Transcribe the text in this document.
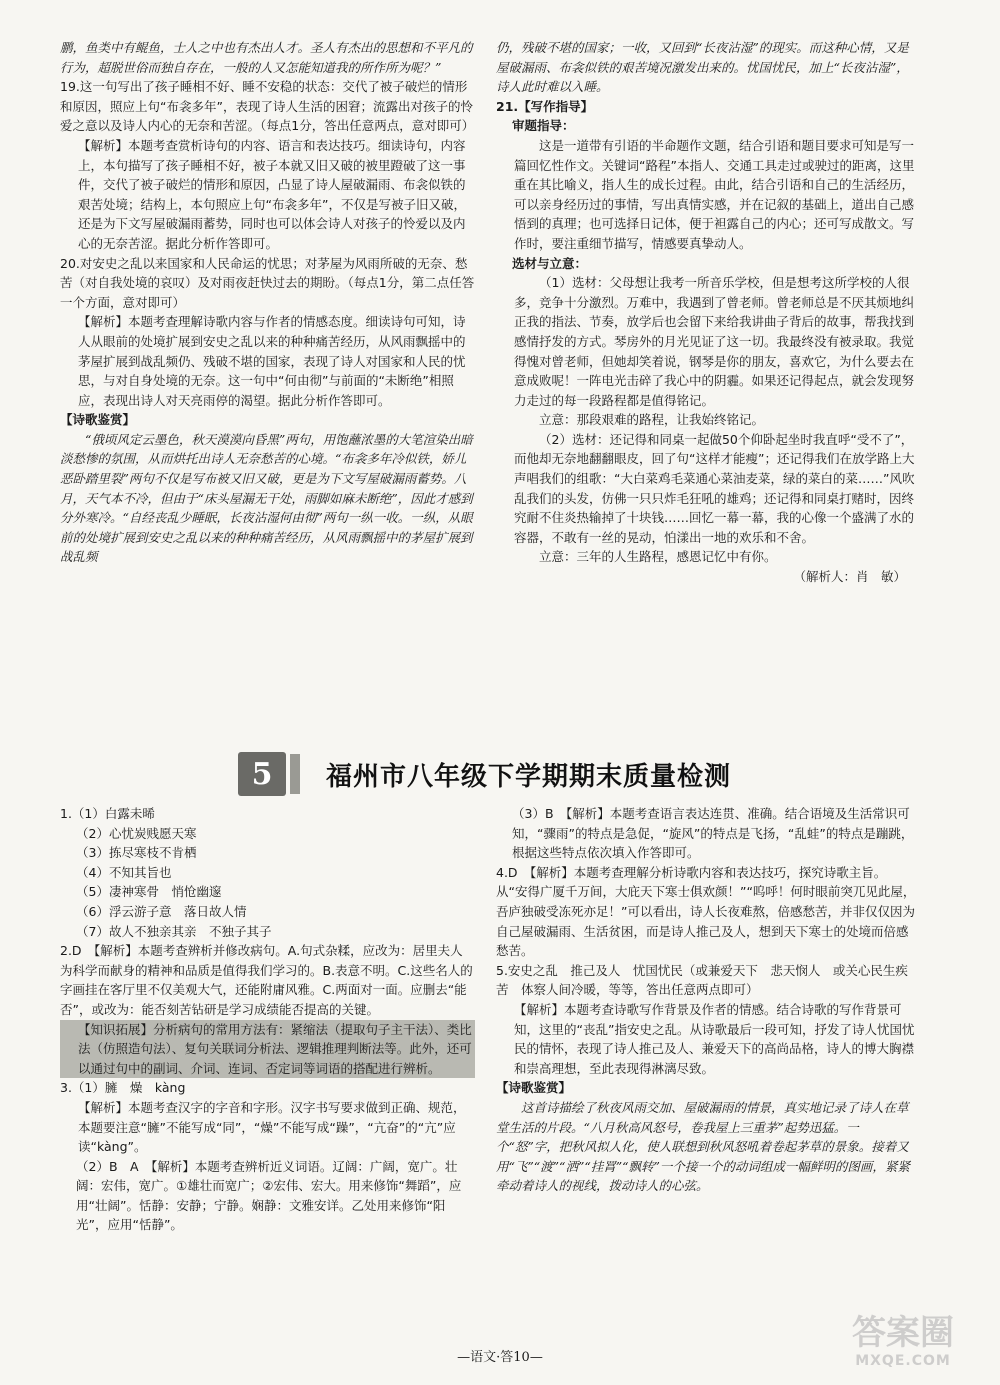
鹏，鱼类中有鲲鱼，士人之中也有杰出人才。圣人有杰出的思想和不平凡的行为，超脱世俗而独自存在，一般的人又怎能知道我的所作所为呢？”

19.这一句写出了孩子睡相不好、睡不安稳的状态：交代了被子破烂的情形和原因，照应上句“布衾多年”，表现了诗人生活的困窘；流露出对孩子的怜爱之意以及诗人内心的无奈和苦涩。（每点1分，答出任意两点，意对即可）

【解析】本题考查赏析诗句的内容、语言和表达技巧。细读诗句，内容上，本句描写了孩子睡相不好，被子本就又旧又破的被里蹬破了这一事件，交代了被子破烂的情形和原因，凸显了诗人屋破漏雨、布衾似铁的艰苦处境；结构上，本句照应上句“布衾多年”，不仅是写被子旧又破，还是为下文写屋破漏雨蓄势，同时也可以体会诗人对孩子的怜爱以及内心的无奈苦涩。据此分析作答即可。

20.对安史之乱以来国家和人民命运的忧思；对茅屋为风雨所破的无奈、愁苦（对自我处境的哀叹）及对雨夜赶快过去的期盼。（每点1分，第二点任答一个方面，意对即可）

【解析】本题考查理解诗歌内容与作者的情感态度。细读诗句可知，诗人从眼前的处境扩展到安史之乱以来的种种痛苦经历，从风雨飘摇中的茅屋扩展到战乱频仍、残破不堪的国家，表现了诗人对国家和人民的忧思，与对自身处境的无奈。这一句中“何由彻”与前面的“未断绝”相照应，表现出诗人对天亮雨停的渴望。据此分析作答即可。

【诗歌鉴赏】

“俄顷风定云墨色，秋天漠漠向昏黑”两句，用饱蘸浓墨的大笔渲染出暗淡愁惨的氛围，从而烘托出诗人无奈愁苦的心境。“布衾多年冷似铁，娇儿恶卧踏里裂”两句不仅是写布被又旧又破，更是为下文写屋破漏雨蓄势。八月，天气本不冷，但由于“床头屋漏无干处，雨脚如麻未断绝”，因此才感到分外寒冷。“自经丧乱少睡眠，长夜沾湿何由彻”两句一纵一收。一纵，从眼前的处境扩展到安史之乱以来的种种痛苦经历，从风雨飘摇中的茅屋扩展到战乱频

仍，残破不堪的国家；一收，又回到“长夜沾湿”的现实。而这种心情，又是屋破漏雨、布衾似铁的艰苦境况激发出来的。忧国忧民，加上“长夜沾湿”，诗人此时难以入睡。

21.【写作指导】

审题指导：

这是一道带有引语的半命题作文题，结合引语和题目要求可知是写一篇回忆性作文。关键词“路程”本指人、交通工具走过或驶过的距离，这里重在其比喻义，指人生的成长过程。由此，结合引语和自己的生活经历，可以亲身经历过的事情，写出真情实感，并在记叙的基础上，道出自己感悟到的真理；也可选择日记体，便于袒露自己的内心；还可写成散文。写作时，要注重细节描写，情感要真挚动人。

选材与立意：

（1）选材：父母想让我考一所音乐学校，但是想考这所学校的人很多，竞争十分激烈。万难中，我遇到了曾老师。曾老师总是不厌其烦地纠正我的指法、节奏，放学后也会留下来给我讲曲子背后的故事，帮我找到感情抒发的方式。琴房外的月光见证了这一切。我最终没有被录取。我觉得愧对曾老师，但她却笑着说，钢琴是你的朋友，喜欢它，为什么要去在意成败呢！一阵电光击碎了我心中的阴霾。如果还记得起点，就会发现努力走过的每一段路程都是值得铭记。

立意：那段艰难的路程，让我始终铭记。

（2）选材：还记得和同桌一起做50个仰卧起坐时我直呼“受不了”，而他却无奈地翻翻眼皮，回了句“这样才能瘦”；还记得我们在放学路上大声唱我们的组歌：“大白菜鸡毛菜通心菜油麦菜，绿的菜白的菜……”风吹乱我们的头发，仿佛一只只炸毛狂吼的雄鸡；还记得和同桌打赌时，因终究耐不住炎热输掉了十块钱……回忆一幕一幕，我的心像一个盛满了水的容器，不敢有一丝的晃动，怕漾出一地的欢乐和不舍。

立意：三年的人生路程，感恩记忆中有你。

（解析人：肖　敏）

5	福州市八年级下学期期末质量检测

1.（1）白露未晞

（2）心忧炭贱愿天寒

（3）拣尽寒枝不肯栖

（4）不知其旨也

（5）凄神寒骨　悄怆幽邃

（6）浮云游子意　落日故人情

（7）故人不独亲其亲　不独子其子

2.D　【解析】本题考查辨析并修改病句。A.句式杂糅，应改为：居里夫人为科学而献身的精神和品质是值得我们学习的。B.表意不明。C.这些名人的字画挂在客厅里不仅美观大气，还能附庸风雅。C.两面对一面。应删去“能否”，或改为：能否刻苦钻研是学习成绩能否提高的关键。

【知识拓展】分析病句的常用方法有：紧缩法（提取句子主干法）、类比法（仿照造句法）、复句关联词分析法、逻辑推理判断法等。此外，还可以通过句中的副词、介词、连词、否定词等词语的搭配进行辨析。

3.（1）臃　燥　kàng

【解析】本题考查汉字的字音和字形。汉字书写要求做到正确、规范，本题要注意“臃”不能写成“同”，“燥”不能写成“躁”，“亢奋”的“亢”应读“kàng”。

（2）B　A　【解析】本题考查辨析近义词语。辽阔：广阔，宽广。壮阔：宏伟，宽广。①雄壮而宽广；②宏伟、宏大。用来修饰“舞蹈”，应用“壮阔”。恬静：安静；宁静。娴静：文雅安详。乙处用来修饰“阳光”，应用“恬静”。

（3）B　【解析】本题考查语言表达连贯、准确。结合语境及生活常识可知，“骤雨”的特点是急促，“旋风”的特点是飞扬，“乱蛙”的特点是蹦跳，根据这些特点依次填入作答即可。

4.D　【解析】本题考查理解分析诗歌内容和表达技巧，探究诗歌主旨。从“安得广厦千万间，大庇天下寒士俱欢颜！”“呜呼！何时眼前突兀见此屋，吾庐独破受冻死亦足！”可以看出，诗人长夜难熬，倍感愁苦，并非仅仅因为自己屋破漏雨、生活贫困，而是诗人推己及人，想到天下寒士的处境而倍感愁苦。

5.安史之乱　推己及人　忧国忧民（或兼爱天下　悲天悯人　或关心民生疾苦　体察人间冷暖，等等，答出任意两点即可）

【解析】本题考查诗歌写作背景及作者的情感。结合诗歌的写作背景可知，这里的“丧乱”指安史之乱。从诗歌最后一段可知，抒发了诗人忧国忧民的情怀，表现了诗人推己及人、兼爱天下的高尚品格，诗人的博大胸襟和崇高理想，至此表现得淋漓尽致。

【诗歌鉴赏】

这首诗描绘了秋夜风雨交加、屋破漏雨的情景，真实地记录了诗人在草堂生活的片段。“八月秋高风怒号，卷我屋上三重茅”起势迅猛。一个“怒”字，把秋风拟人化，使人联想到秋风怒吼着卷起茅草的景象。接着又用“飞”“渡”“洒”“挂罥”“飘转”一个接一个的动词组成一幅鲜明的图画，紧紧牵动着诗人的视线，拨动诗人的心弦。

—语文·答10—
答案圈
MXQE.COM
